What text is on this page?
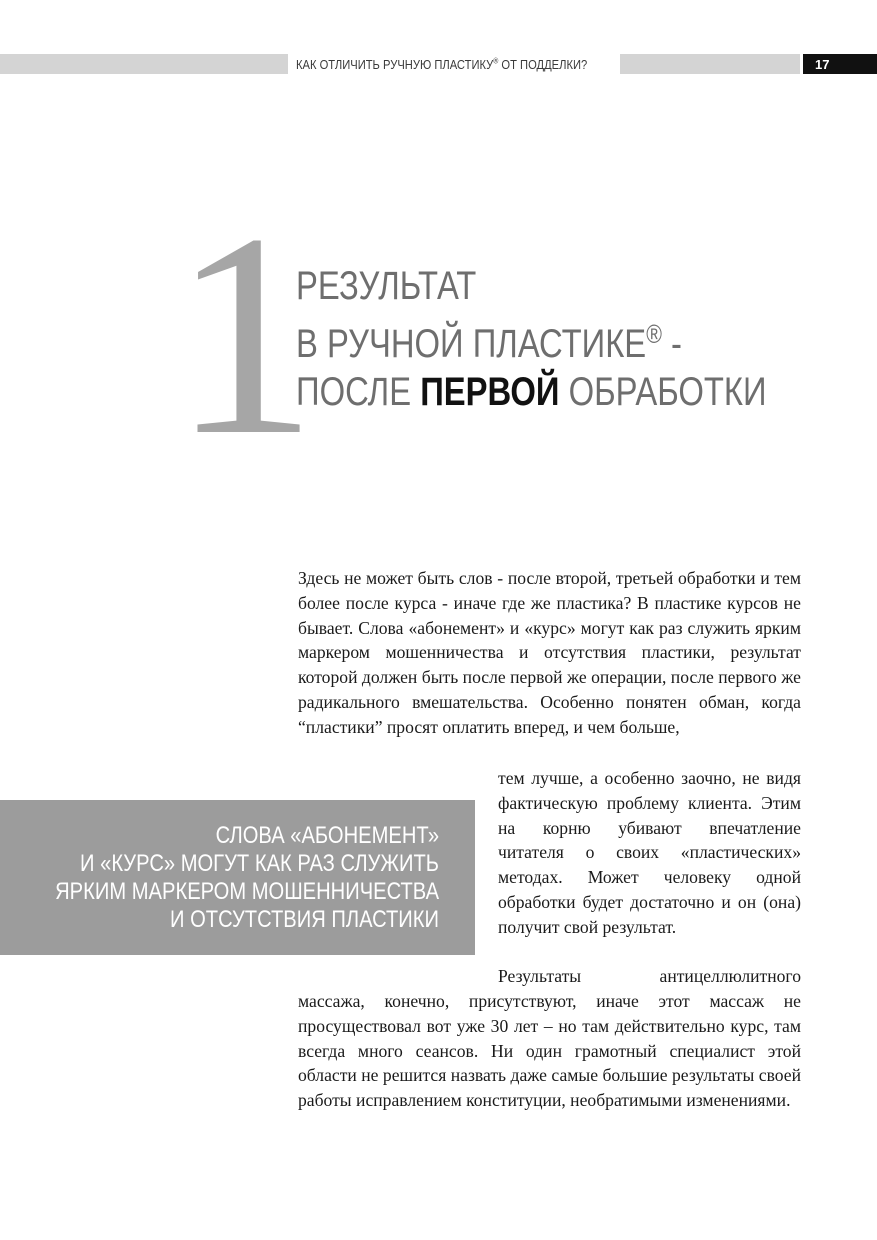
КАК ОТЛИЧИТЬ РУЧНУЮ ПЛАСТИКУ® ОТ ПОДДЕЛКИ?	17
1
РЕЗУЛЬТАТ
В РУЧНОЙ ПЛАСТИКЕ® -
ПОСЛЕ ПЕРВОЙ ОБРАБОТКИ

Здесь не может быть слов - после второй, третьей обработки и тем более после курса - иначе где же пластика? В пластике курсов не бывает. Слова «абонемент» и «курс» могут как раз служить ярким маркером мошенничества и отсутствия пластики, результат которой должен быть после первой же операции, после первого же радикального вмешательства. Особенно понятен обман, когда “пластики” просят оплатить вперед, и чем больше,

тем лучше, а особенно заочно, не видя фактическую проблему клиента. Этим на корню убивают впечатление читателя о своих «пластических» методах. Может человеку одной обработки будет достаточно и он (она) получит свой результат.

Результаты антицеллюлитного

массажа, конечно, присутствуют, иначе этот массаж не просуществовал вот уже 30 лет – но там действительно курс, там всегда много сеансов. Ни один грамотный специалист этой области не решится назвать даже самые большие результаты своей работы исправлением конституции, необратимыми изменениями.

СЛОВА «АБОНЕМЕНТ»
И «КУРС» МОГУТ КАК РАЗ СЛУЖИТЬ
ЯРКИМ МАРКЕРОМ МОШЕННИЧЕСТВА
И ОТСУТСТВИЯ ПЛАСТИКИ
